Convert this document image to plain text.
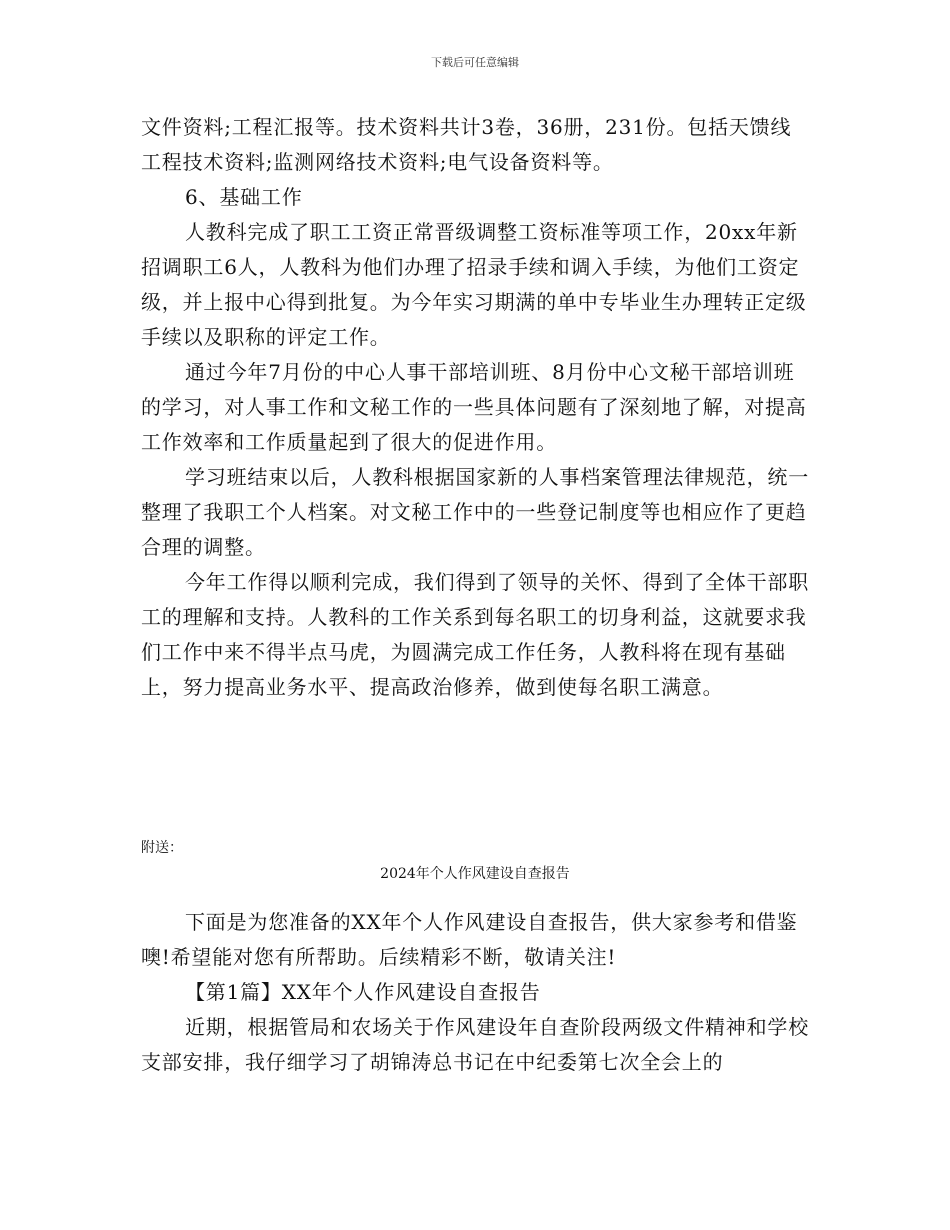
下载后可任意编辑

文件资料;工程汇报等。技术资料共计3卷，36册，231份。包括天馈线工程技术资料;监测网络技术资料;电气设备资料等。

6、基础工作

人教科完成了职工工资正常晋级调整工资标准等项工作，20xx年新招调职工6人，人教科为他们办理了招录手续和调入手续，为他们工资定级，并上报中心得到批复。为今年实习期满的单中专毕业生办理转正定级手续以及职称的评定工作。

通过今年7月份的中心人事干部培训班、8月份中心文秘干部培训班的学习，对人事工作和文秘工作的一些具体问题有了深刻地了解，对提高工作效率和工作质量起到了很大的促进作用。

学习班结束以后，人教科根据国家新的人事档案管理法律规范，统一整理了我职工个人档案。对文秘工作中的一些登记制度等也相应作了更趋合理的调整。

今年工作得以顺利完成，我们得到了领导的关怀、得到了全体干部职工的理解和支持。人教科的工作关系到每名职工的切身利益，这就要求我们工作中来不得半点马虎，为圆满完成工作任务，人教科将在现有基础上，努力提高业务水平、提高政治修养，做到使每名职工满意。

附送：
2024年个人作风建设自查报告

下面是为您准备的XX年个人作风建设自查报告，供大家参考和借鉴噢!希望能对您有所帮助。后续精彩不断，敬请关注!

【第1篇】XX年个人作风建设自查报告

近期，根据管局和农场关于作风建设年自查阶段两级文件精神和学校支部安排，我仔细学习了胡锦涛总书记在中纪委第七次全会上的
